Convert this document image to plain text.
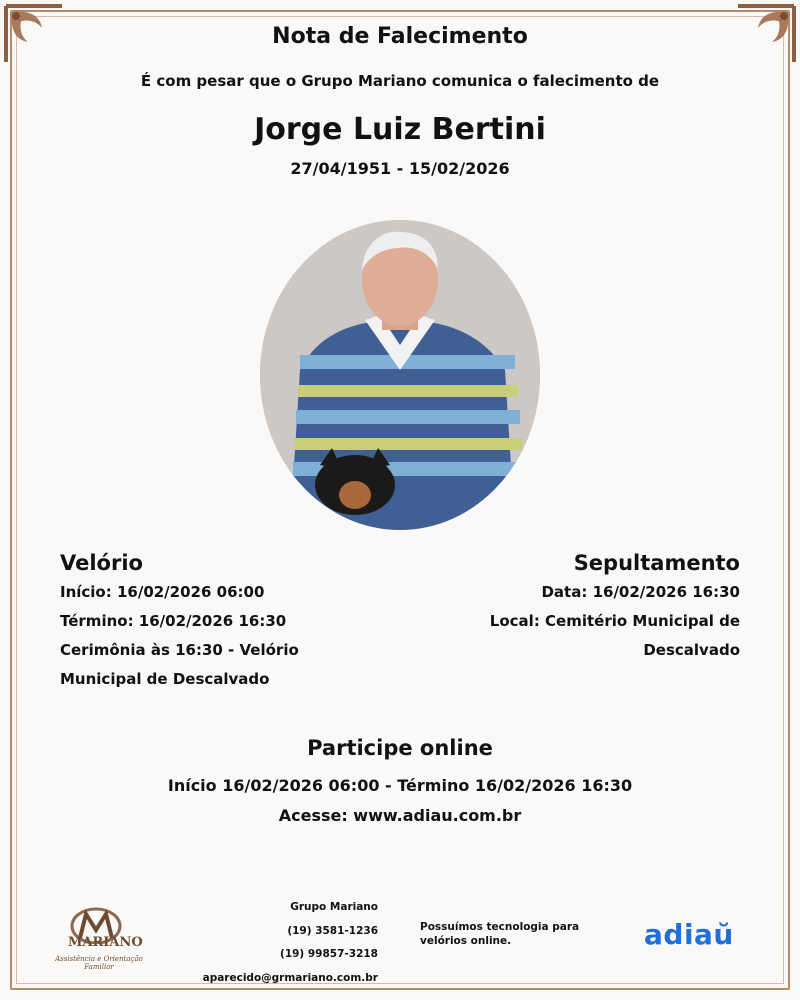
Nota de Falecimento
É com pesar que o Grupo Mariano comunica o falecimento de
Jorge Luiz Bertini
27/04/1951 - 15/02/2026
Velório
Início: 16/02/2026 06:00
Término: 16/02/2026 16:30
Cerimônia às 16:30 - Velório
Municipal de Descalvado
Sepultamento
Data: 16/02/2026 16:30
Local: Cemitério Municipal de
Descalvado
Participe online
Início 16/02/2026 06:00 - Término 16/02/2026 16:30
Acesse: www.adiau.com.br
MARIANO
Assistência e Orientação Familiar
Grupo Mariano
(19) 3581-1236
(19) 99857-3218
aparecido@grmariano.com.br
Possuímos tecnologia para
velórios online.	adiaŭ
